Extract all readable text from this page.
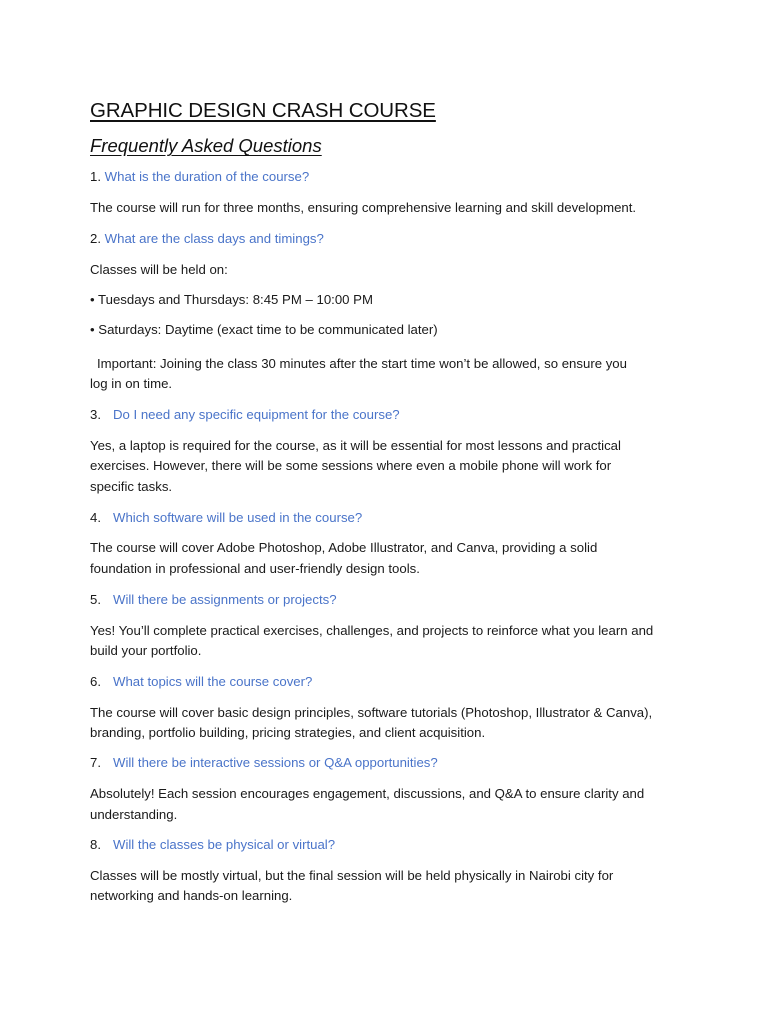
GRAPHIC DESIGN CRASH COURSE
Frequently Asked Questions

1. What is the duration of the course?

The course will run for three months, ensuring comprehensive learning and skill development.

2. What are the class days and timings?

Classes will be held on:

• Tuesdays and Thursdays: 8:45 PM – 10:00 PM

• Saturdays: Daytime (exact time to be communicated later)

Important: Joining the class 30 minutes after the start time won’t be allowed, so ensure you

log in on time.

3. Do I need any specific equipment for the course?

Yes, a laptop is required for the course, as it will be essential for most lessons and practical

exercises. However, there will be some sessions where even a mobile phone will work for

specific tasks.

4. Which software will be used in the course?

The course will cover Adobe Photoshop, Adobe Illustrator, and Canva, providing a solid

foundation in professional and user-friendly design tools.

5. Will there be assignments or projects?

Yes! You’ll complete practical exercises, challenges, and projects to reinforce what you learn and

build your portfolio.

6. What topics will the course cover?

The course will cover basic design principles, software tutorials (Photoshop, Illustrator & Canva),

branding, portfolio building, pricing strategies, and client acquisition.

7. Will there be interactive sessions or Q&A opportunities?

Absolutely! Each session encourages engagement, discussions, and Q&A to ensure clarity and

understanding.

8. Will the classes be physical or virtual?

Classes will be mostly virtual, but the final session will be held physically in Nairobi city for

networking and hands-on learning.
